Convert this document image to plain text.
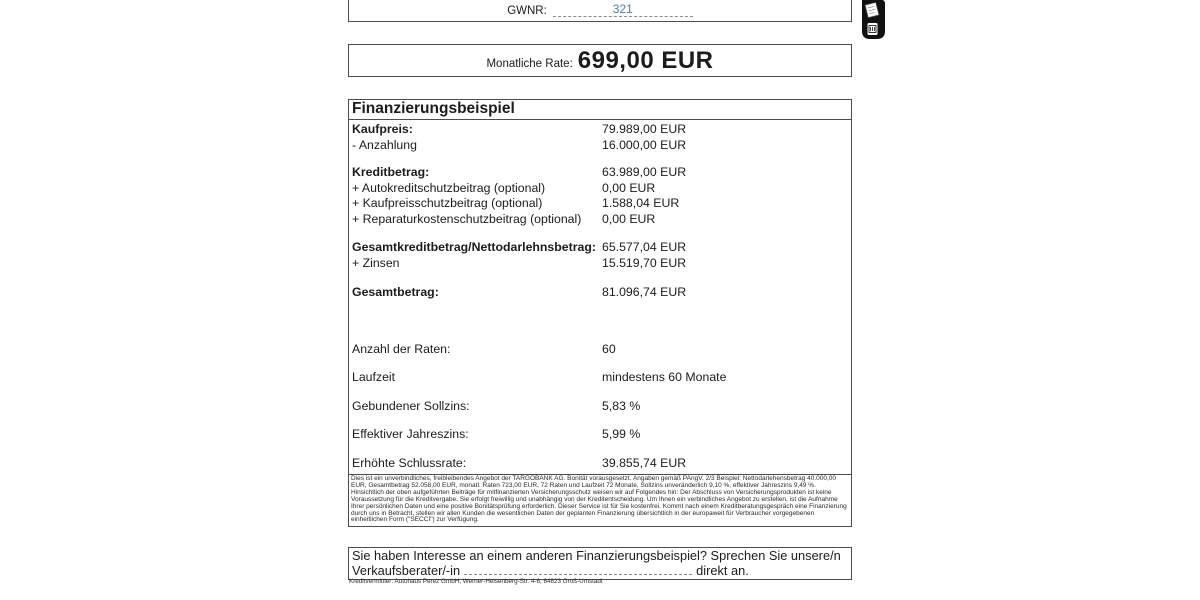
GWNR:	321
Monatliche Rate: 699,00 EUR
Finanzierungsbeispiel
Kaufpreis:	79.989,00 EUR
- Anzahlung	16.000,00 EUR
Kreditbetrag:	63.989,00 EUR
+ Autokreditschutzbeitrag (optional)	0,00 EUR
+ Kaufpreisschutzbeitrag (optional)	1.588,04 EUR
+ Reparaturkostenschutzbeitrag (optional)	0,00 EUR
Gesamtkreditbetrag/Nettodarlehnsbetrag: 65.577,04 EUR
+ Zinsen	15.519,70 EUR
Gesamtbetrag:	81.096,74 EUR
Anzahl der Raten:	60
Laufzeit	mindestens 60 Monate
Gebundener Sollzins:	5,83 %
Effektiver Jahreszins:	5,99 %
Erhöhte Schlussrate:	39.855,74 EUR
Dies ist ein unverbindliches, freibleibendes Angebot der TARGOBANK AG. Bonität vorausgesetzt. Angaben gemäß PAngV. 2/3 Beispiel: Nettodarlehensbetrag 40.000,00 EUR, Gesamtbetrag 52.058,00 EUR, monatl. Raten 723,00 EUR, 72 Raten und Laufzeit 72 Monate, Sollzins unveränderlich 9,10 %, effektiver Jahreszins 9,49 %. Hinsichtlich der oben aufgeführten Beiträge für mitfinanzierten Versicherungsschutz weisen wir auf Folgendes hin: Der Abschluss von Versicherungsprodukten ist keine Voraussetzung für die Kreditvergabe. Sie erfolgt freiwillig und unabhängig von der Kreditentscheidung. Um Ihnen ein verbindliches Angebot zu erstellen, ist die Aufnahme Ihrer persönlichen Daten und eine positive Bonitätsprüfung erforderlich. Dieser Service ist für Sie kostenfrei. Kommt nach einem Kreditberatungsgespräch eine Finanzierung durch uns in Betracht, stellen wir allen Kunden die wesentlichen Daten der geplanten Finanzierung übersichtlich in der europaweit für Verbraucher vorgegebenen einheitlichen Form ("SECCI") zur Verfügung.
Sie haben Interesse an einem anderen Finanzierungsbeispiel? Sprechen Sie unsere/n
Verkaufsberater/-in	direkt an.
Kreditvermittler: Autohaus Perez GmbH, Werner-Heisenberg-Str. 4-6, 64823 Groß-Umstadt
